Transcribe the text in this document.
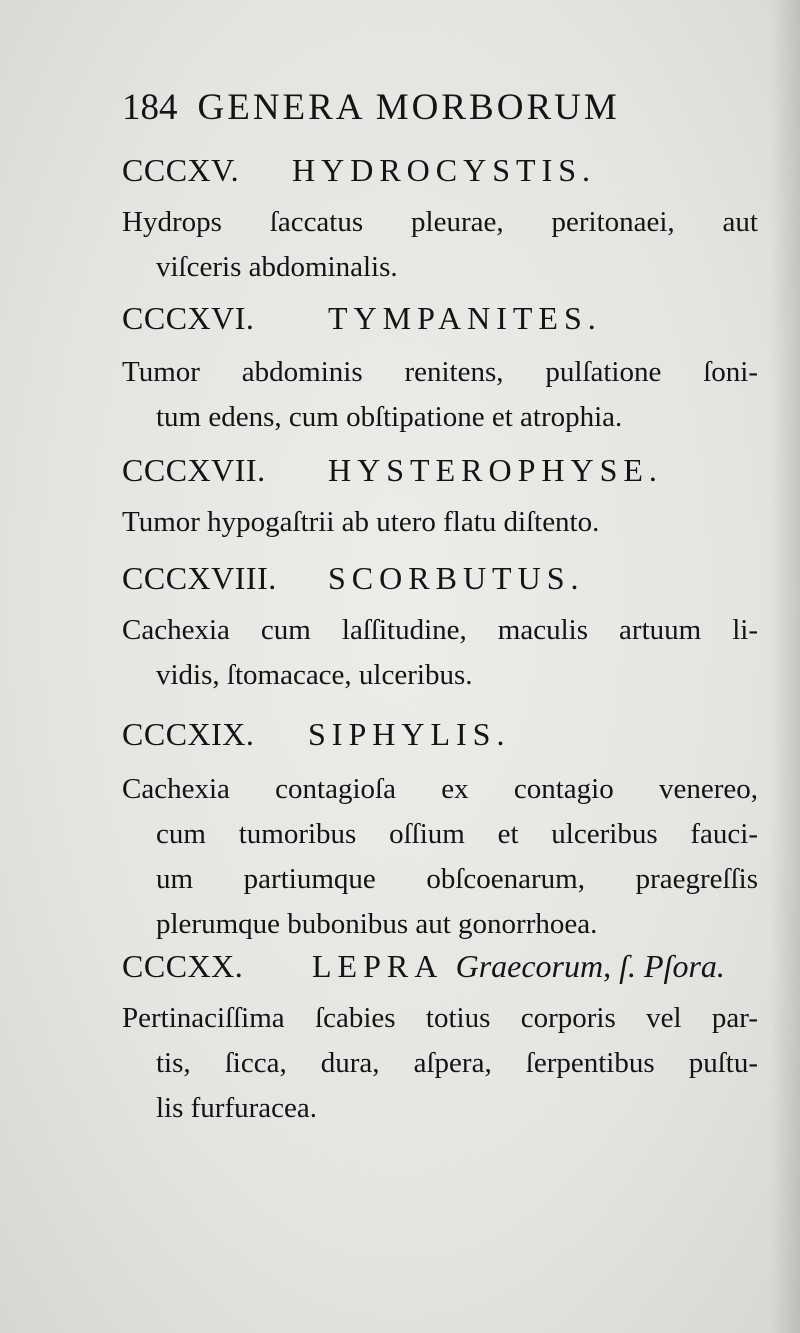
184 GENERA MORBORUM
CCCXV. HYDROCYSTIS.
Hydrops ſaccatus pleurae, peritonaei, aut
viſceris abdominalis.
CCCXVI. TYMPANITES.
Tumor abdominis renitens, pulſatione ſoni-
tum edens, cum obſtipatione et atrophia.
CCCXVII. HYSTEROPHYSE.
Tumor hypogaſtrii ab utero flatu diſtento.
CCCXVIII. SCORBUTUS.
Cachexia cum laſſitudine, maculis artuum li-
vidis, ſtomacace, ulceribus.
CCCXIX. SIPHYLIS.
Cachexia contagioſa ex contagio venereo,
cum tumoribus oſſium et ulceribus fauci-
um partiumque obſcoenarum, praegreſſis
plerumque bubonibus aut gonorrhoea.
CCCXX. LEPRA Graecorum, ſ. Pſora.
Pertinaciſſima ſcabies totius corporis vel par-
tis, ſicca, dura, aſpera, ſerpentibus puſtu-
lis furfuracea.
